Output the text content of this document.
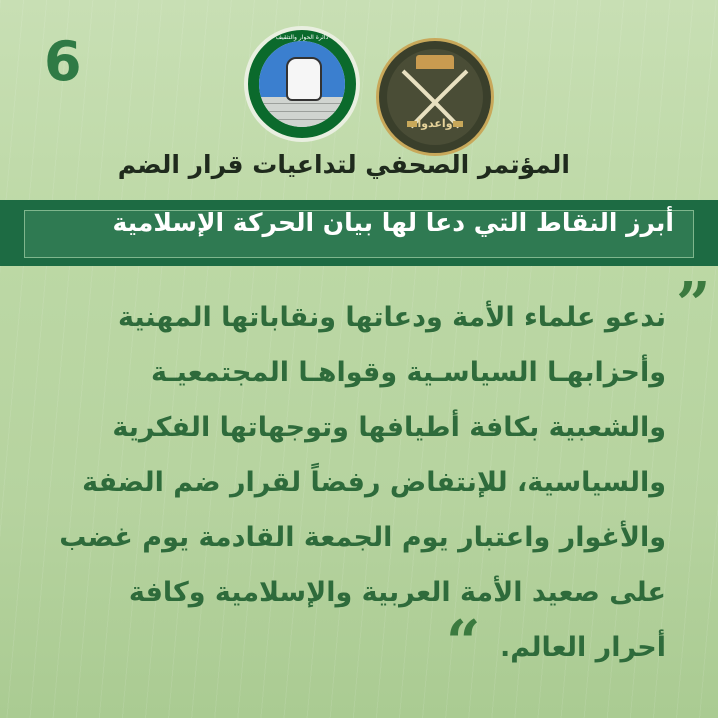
6	دائرة الحوار والتثقيف
واعدوا
المؤتمر الصحفي لتداعيات قرار الضم
أبرز النقاط التي دعا لها بيان الحركة الإسلامية
”
ندعو علماء الأمة ودعاتها ونقاباتها المهنية
وأحزابهـا السياسـية وقواهـا المجتمعيـة
والشعبية بكافة أطيافها وتوجهاتها الفكرية
والسياسية، للإنتفاض رفضاً لقرار ضم الضفة
والأغوار واعتبار يوم الجمعة القادمة يوم غضب
على صعيد الأمة العربية والإسلامية وكافة
أحرار العالم.
“
